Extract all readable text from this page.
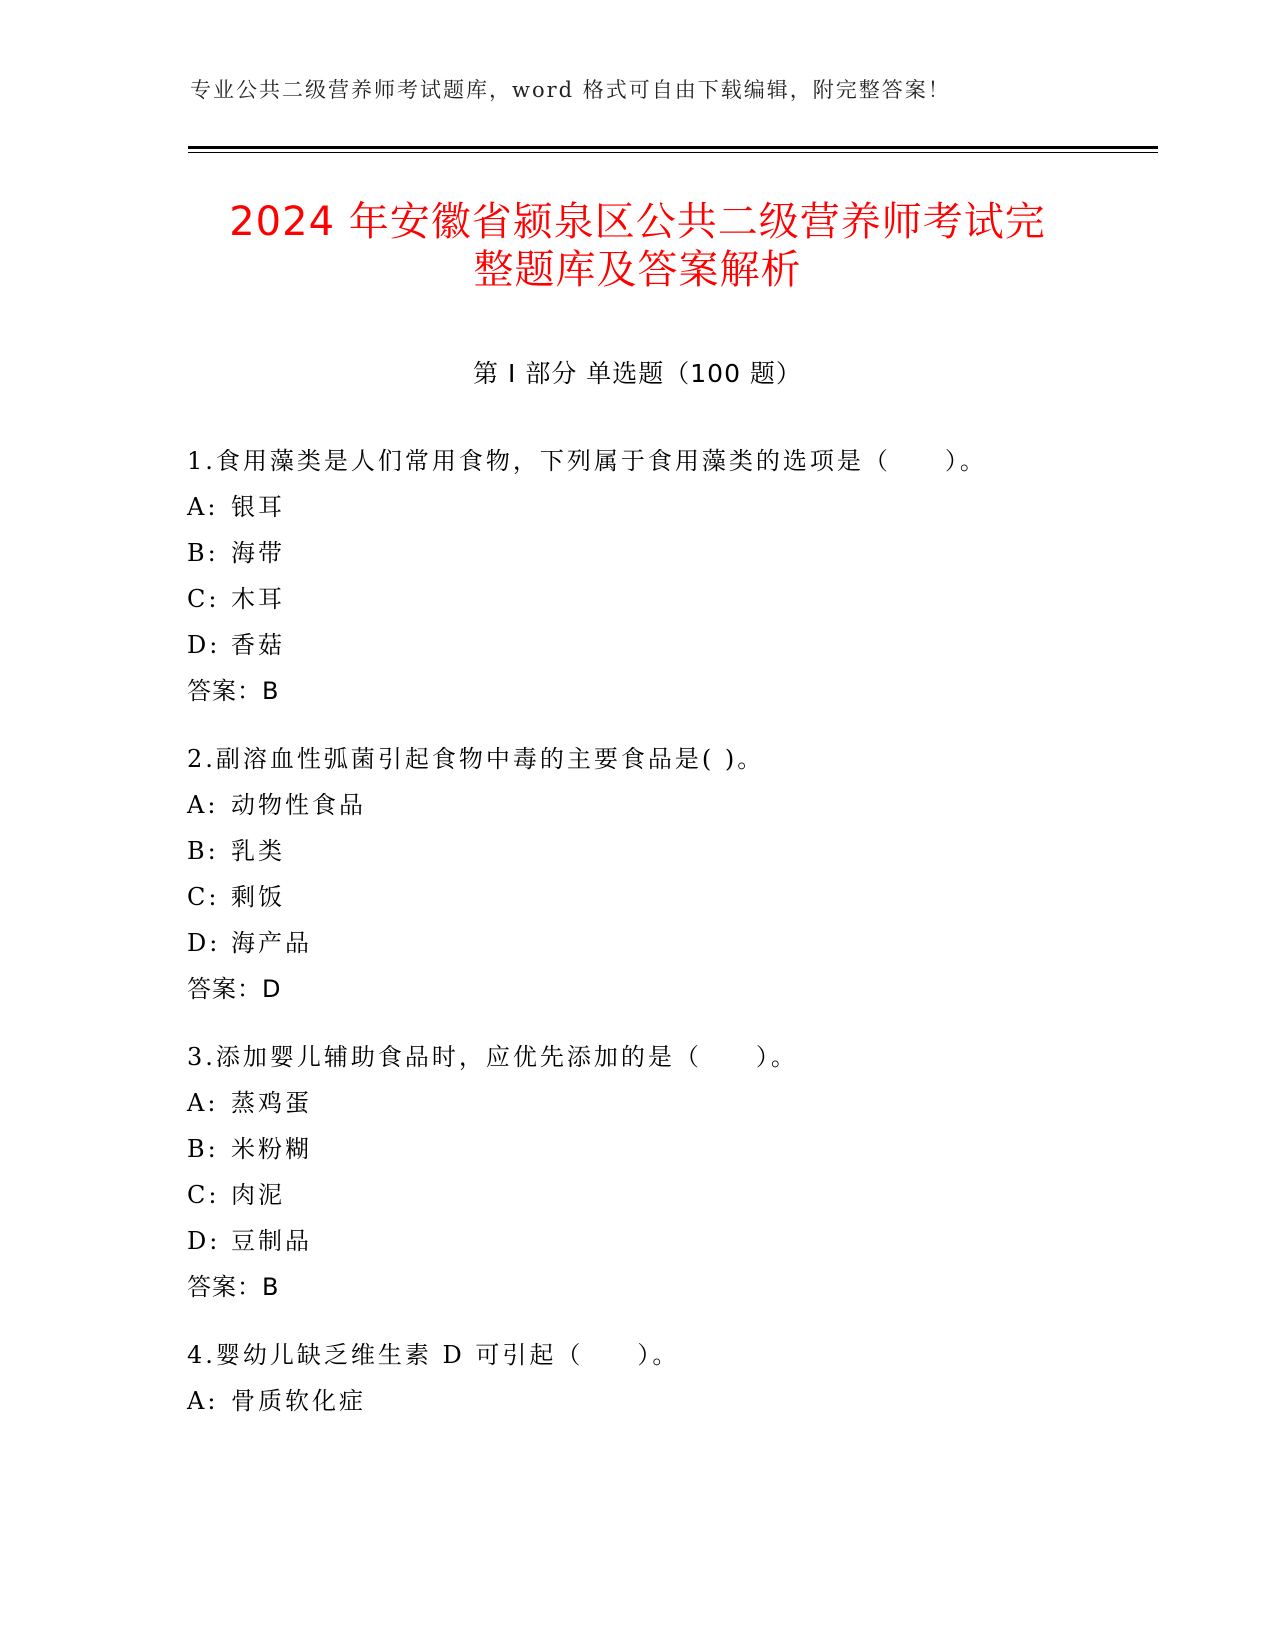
专业公共二级营养师考试题库，word 格式可自由下载编辑，附完整答案！
2024 年安徽省颍泉区公共二级营养师考试完
整题库及答案解析
第 I 部分 单选题（100 题）
1.食用藻类是人们常用食物，下列属于食用藻类的选项是（　　）。
A: 银耳
B: 海带
C: 木耳
D: 香菇
答案：B
2.副溶血性弧菌引起食物中毒的主要食品是( )。
A: 动物性食品
B: 乳类
C: 剩饭
D: 海产品
答案：D
3.添加婴儿辅助食品时，应优先添加的是（　　）。
A: 蒸鸡蛋
B: 米粉糊
C: 肉泥
D: 豆制品
答案：B
4.婴幼儿缺乏维生素 D 可引起（　　）。
A: 骨质软化症
